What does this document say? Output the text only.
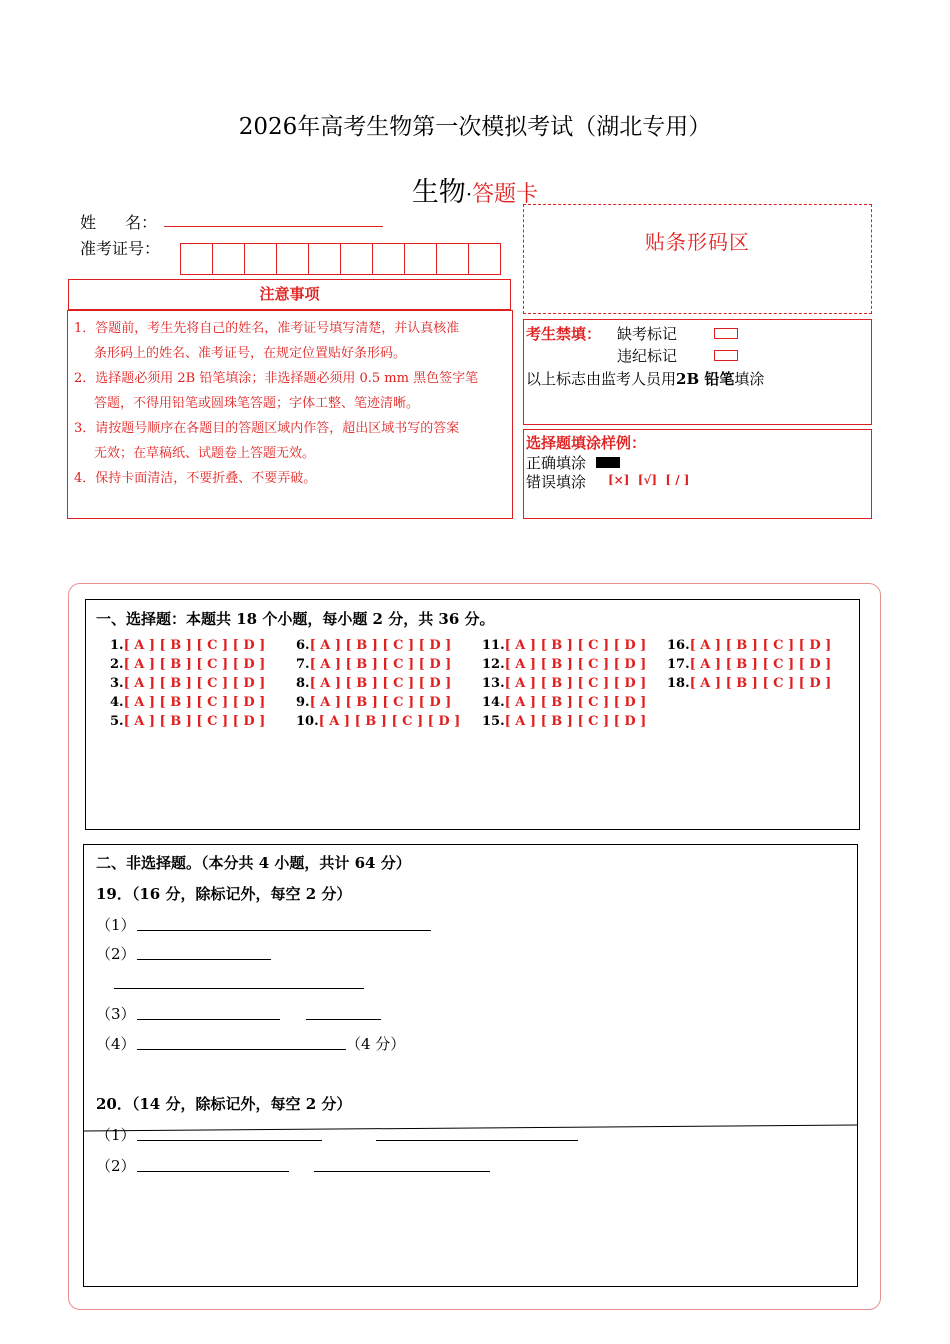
2026年高考生物第一次模拟考试（湖北专用）
生物·答题卡
姓 名：
准考证号：
注意事项
1．答题前，考生先将自己的姓名，准考证号填写清楚，并认真核准
条形码上的姓名、准考证号，在规定位置贴好条形码。
2．选择题必须用 2B 铅笔填涂；非选择题必须用 0.5 mm 黑色签字笔
答题，不得用铅笔或圆珠笔答题；字体工整、笔迹清晰。
3．请按题号顺序在各题目的答题区域内作答，超出区域书写的答案
无效；在草稿纸、试题卷上答题无效。
4．保持卡面清洁，不要折叠、不要弄破。
贴条形码区
考生禁填： 缺考标记
违纪标记
以上标志由监考人员用2B 铅笔填涂
选择题填涂样例：
正确填涂
错误填涂 [×]  [√]  [ / ]
一、选择题：本题共 18 个小题，每小题 2 分，共 36 分。
1.[ A ] [ B ] [ C ] [ D ]
2.[ A ] [ B ] [ C ] [ D ]
3.[ A ] [ B ] [ C ] [ D ]
4.[ A ] [ B ] [ C ] [ D ]
5.[ A ] [ B ] [ C ] [ D ]
6.[ A ] [ B ] [ C ] [ D ]
7.[ A ] [ B ] [ C ] [ D ]
8.[ A ] [ B ] [ C ] [ D ]
9.[ A ] [ B ] [ C ] [ D ]
10.[ A ] [ B ] [ C ] [ D ]
11.[ A ] [ B ] [ C ] [ D ]
12.[ A ] [ B ] [ C ] [ D ]
13.[ A ] [ B ] [ C ] [ D ]
14.[ A ] [ B ] [ C ] [ D ]
15.[ A ] [ B ] [ C ] [ D ]
16.[ A ] [ B ] [ C ] [ D ]
17.[ A ] [ B ] [ C ] [ D ]
18.[ A ] [ B ] [ C ] [ D ]
二、非选择题。（本分共 4 小题，共计 64 分）
19．（16 分，除标记外，每空 2 分）
（1）
（2）
（3）
（4）	（4 分）
20．（14 分，除标记外，每空 2 分）
（1）
（2）
